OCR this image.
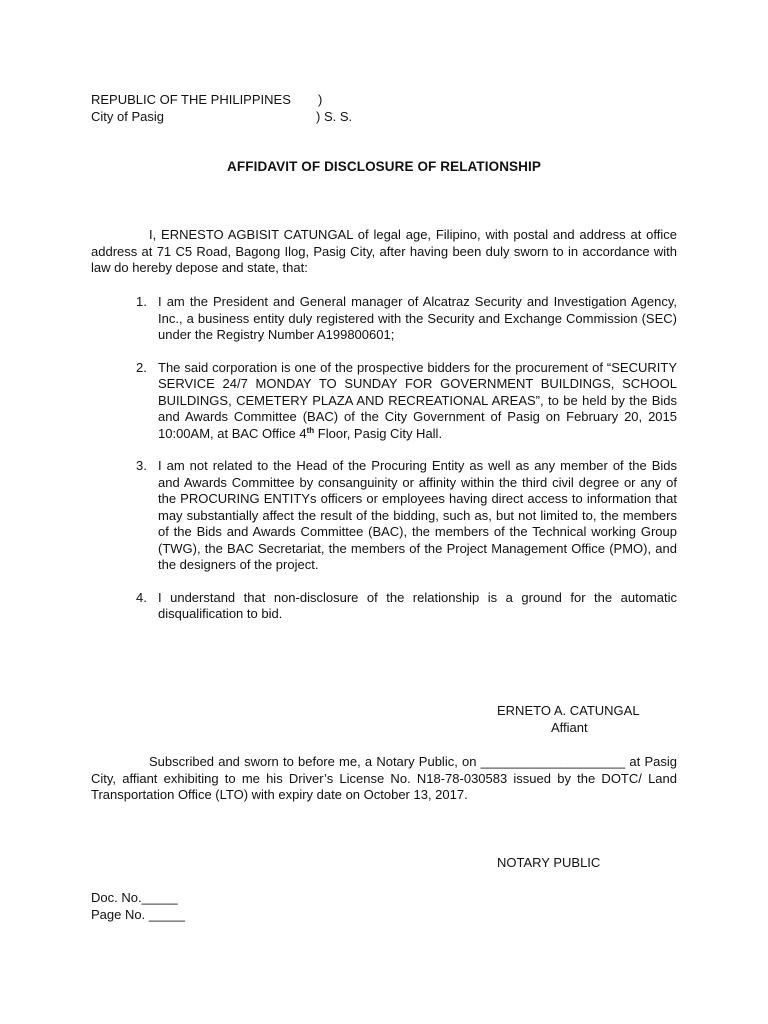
REPUBLIC OF THE PHILIPPINES )
City of Pasig	) S. S.
AFFIDAVIT OF DISCLOSURE OF RELATIONSHIP
I, ERNESTO AGBISIT CATUNGAL of legal age, Filipino, with postal and address at office address at 71 C5 Road, Bagong Ilog, Pasig City, after having been duly sworn to in accordance with law do hereby depose and state, that:
1. I am the President and General manager of Alcatraz Security and Investigation Agency, Inc., a business entity duly registered with the Security and Exchange Commission (SEC) under the Registry Number A199800601;
2. The said corporation is one of the prospective bidders for the procurement of “SECURITY SERVICE 24/7 MONDAY TO SUNDAY FOR GOVERNMENT BUILDINGS, SCHOOL BUILDINGS, CEMETERY PLAZA AND RECREATIONAL AREAS”, to be held by the Bids and Awards Committee (BAC) of the City Government of Pasig on February 20, 2015 10:00AM, at BAC Office 4th Floor, Pasig City Hall.
3. I am not related to the Head of the Procuring Entity as well as any member of the Bids and Awards Committee by consanguinity or affinity within the third civil degree or any of the PROCURING ENTITYs officers or employees having direct access to information that may substantially affect the result of the bidding, such as, but not limited to, the members of the Bids and Awards Committee (BAC), the members of the Technical working Group (TWG), the BAC Secretariat, the members of the Project Management Office (PMO), and the designers of the project.
4. I understand that non-disclosure of the relationship is a ground for the automatic disqualification to bid.
ERNETO A. CATUNGAL
Affiant
Subscribed and sworn to before me, a Notary Public, on ____________________ at Pasig City, affiant exhibiting to me his Driver’s License No. N18-78-030583 issued by the DOTC/ Land Transportation Office (LTO) with expiry date on October 13, 2017.
NOTARY PUBLIC
Doc. No._____
Page No. _____
